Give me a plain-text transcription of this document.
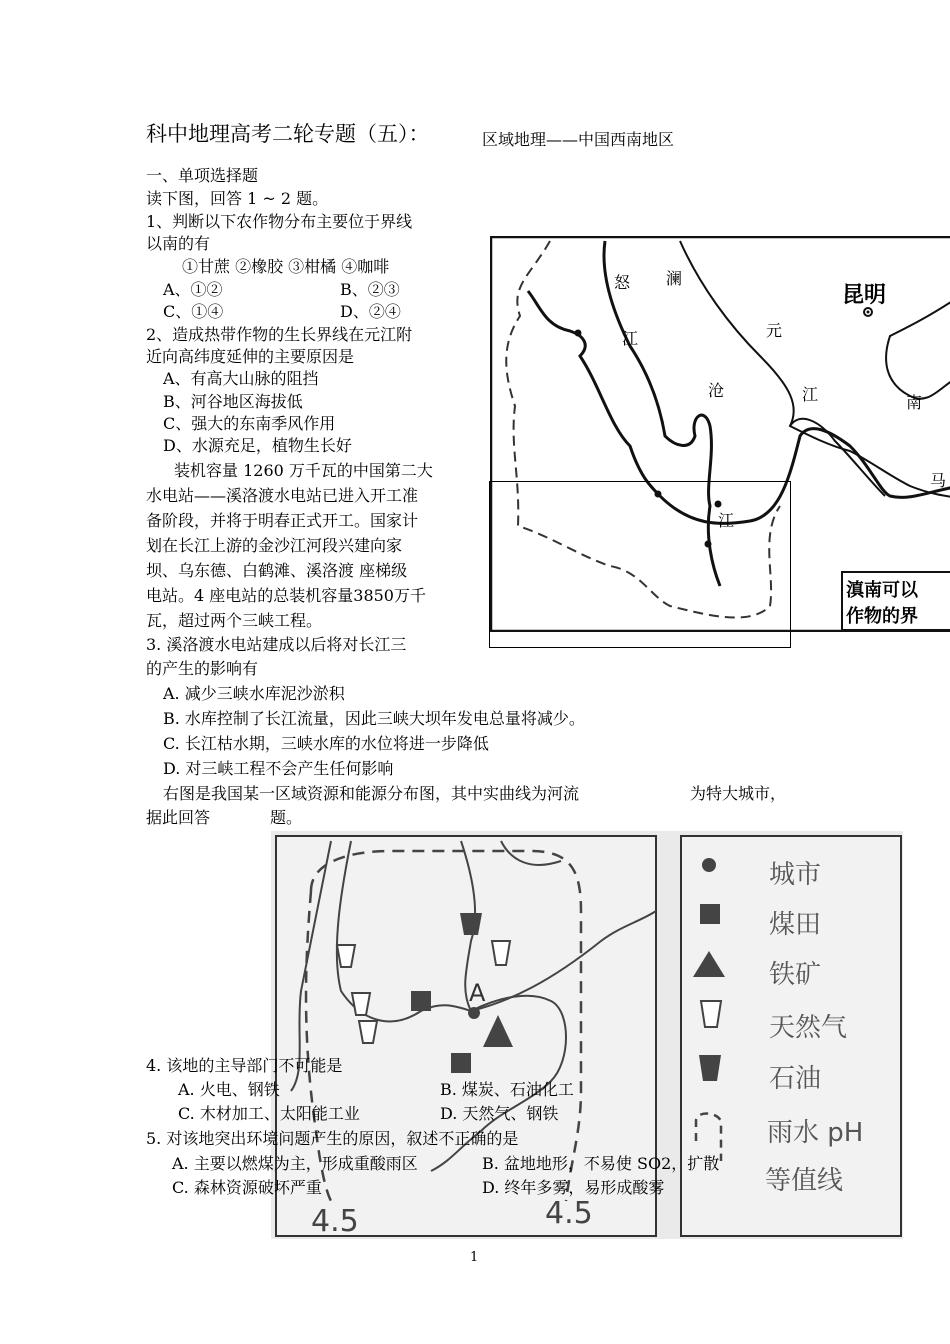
科中地理高考二轮专题（五）：	区域地理——中国西南地区
一、单项选择题
读下图，回答 1 ~ 2 题。
1、判断以下农作物分布主要位于界线
以南的有
①甘蔗 ②橡胶 ③柑橘 ④咖啡
A、①②	B、②③
C、①④	D、②④
2、造成热带作物的生长界线在元江附
近向高纬度延伸的主要原因是
A、有高大山脉的阻挡
B、河谷地区海拔低
C、强大的东南季风作用
D、水源充足，植物生长好
装机容量 1260 万千瓦的中国第二大
水电站——溪洛渡水电站已进入开工准
备阶段，并将于明春正式开工。国家计
划在长江上游的金沙江河段兴建向家
坝、乌东德、白鹤滩、溪洛渡 座梯级
电站。4 座电站的总装机容量3850万千
瓦，超过两个三峡工程。
3. 溪洛渡水电站建成以后将对长江三
的产生的影响有
A. 减少三峡水库泥沙淤积
B. 水库控制了长江流量，因此三峡大坝年发电总量将减少。
C. 长江枯水期，三峡水库的水位将进一步降低
D. 对三峡工程不会产生任何影响
右图是我国某一区域资源和能源分布图，其中实曲线为河流	为特大城市，
据此回答	题。
昆明
怒
江
澜
沧
江
元
江	南
马
滇南可以
作物的界
A
4.5	4.5
城市
煤田
铁矿
天然气
石油
雨水 pH
等值线
4. 该地的主导部门不可能是
A. 火电、钢铁	B. 煤炭、石油化工
C. 木材加工、太阳能工业	D. 天然气、钢铁
5. 对该地突出环境问题产生的原因，叙述不正确的是
A. 主要以燃煤为主，形成重酸雨区	B. 盆地地形，不易使 SO2，扩散
C. 森林资源破坏严重	D. 终年多雾，易形成酸雾
1
